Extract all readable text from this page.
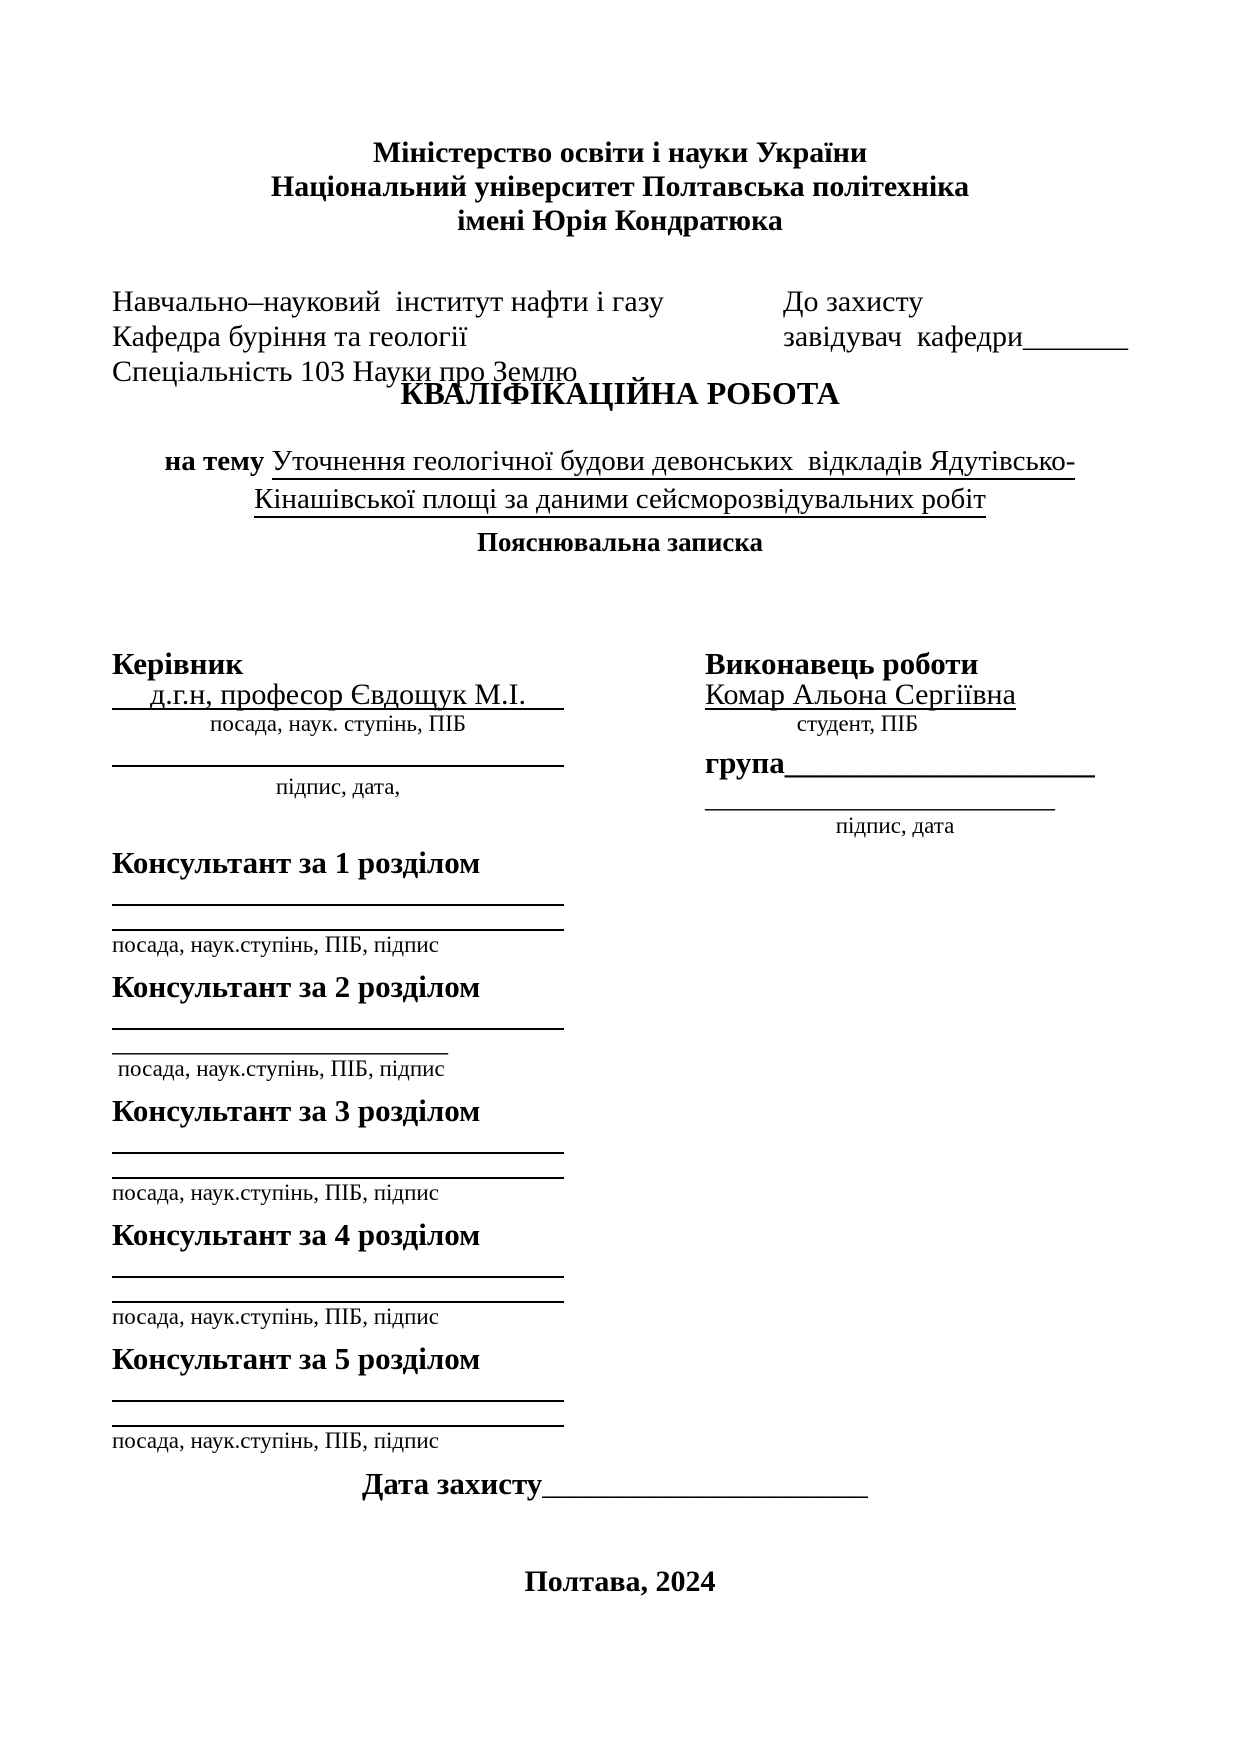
Міністерство освіти і науки України
Національний університет Полтавська політехніка
імені Юрія Кондратюка
Навчально–науковий  інститут нафти і газу
Кафедра буріння та геології
Спеціальність 103 Науки про Землю
До захисту
завідувач  кафедри_______
КВАЛІФІКАЦІЙНА РОБОТА
на тему Уточнення геологічної будови девонських  відкладів Ядутівсько-
Кінашівської площі за даними сейсморозвідувальних робіт
Пояснювальна записка
Керівник
д.г.н, професор Євдощук М.І.
посада, наук. ступінь, ПІБ
підпис, дата,
Виконавець роботи
Комар Альона Сергіївна
студент, ПІБ
група____________________
_________________________
підпис, дата
Консультант за 1 розділом
посада, наук.ступінь, ПІБ, підпис
Консультант за 2 розділом
________________________
посада, наук.ступінь, ПІБ, підпис
Консультант за 3 розділом
посада, наук.ступінь, ПІБ, підпис
Консультант за 4 розділом
посада, наук.ступінь, ПІБ, підпис
Консультант за 5 розділом
посада, наук.ступінь, ПІБ, підпис
Дата захисту_____________________
Полтава, 2024
